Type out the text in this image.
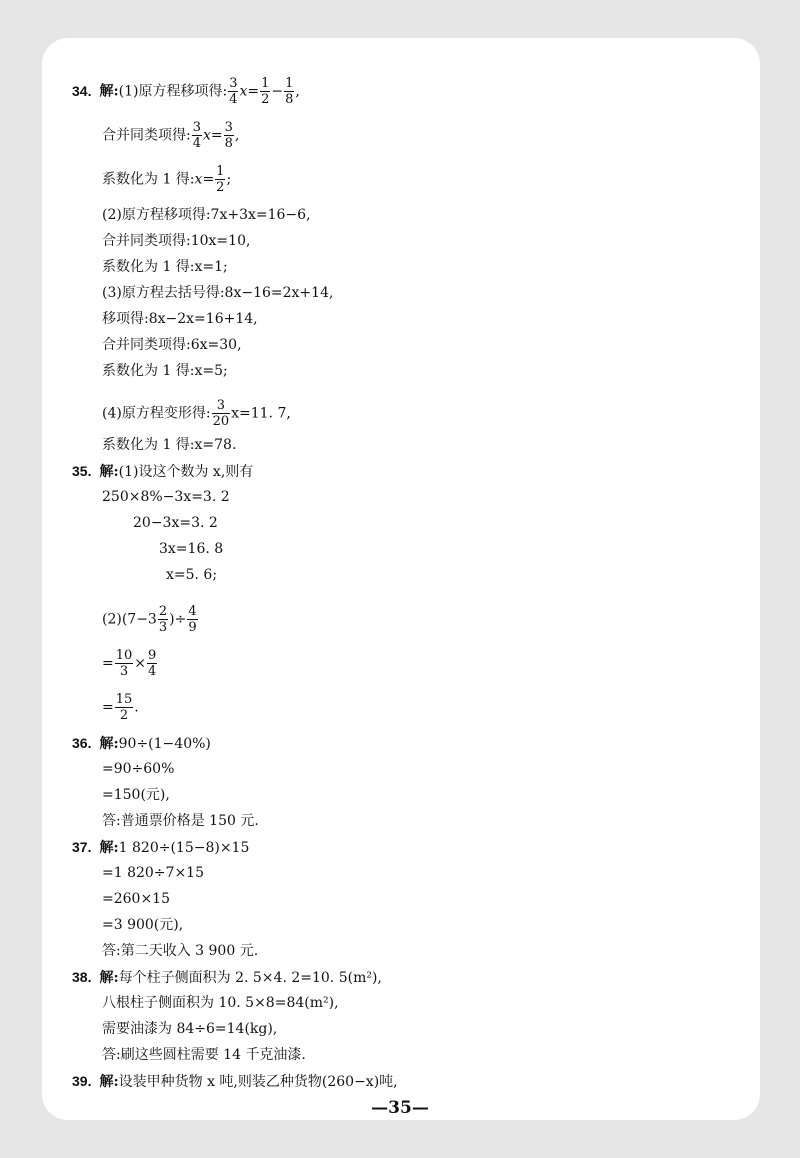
34. 解:(1)原方程移项得: $\frac{3}{4} x= \frac{1}{2} - \frac{1}{8}$ ,
合并同类项得: $\frac{3}{4} x= \frac{3}{8}$ ,
系数化为 1 得:x= $\frac{1}{2}$ ;
(2)原方程移项得:7x+3x=16−6,
合并同类项得:10x=10,
系数化为 1 得:x=1;
(3)原方程去括号得:8x−16=2x+14,
移项得:8x−2x=16+14,
合并同类项得:6x=30,
系数化为 1 得:x=5;
(4)原方程变形得: $\frac{3}{20} x=11$. 7,
系数化为 1 得:x=78.
35. 解:(1)设这个数为 x,则有
250×8%−3x=3. 2
20−3x=3. 2
3x=16. 8
x=5. 6;
$(2)(7-3 \frac{2}{3}$ )÷ $\frac{4}{9}$
= $\frac{10}{3} \times \frac{9}{4}$
= $\frac{15}{2}$ .
36. 解:90÷(1−40%)
=90÷60%
=150(元),
答:普通票价格是 150 元.
37. 解:1 820÷(15−8)×15
=1 820÷7×15
=260×15
=3 900(元),
答:第二天收入 3 900 元.
38. 解:每个柱子侧面积为 2. 5×4. 2=10. 5(m²),
八根柱子侧面积为 10. 5×8=84(m²),
需要油漆为 84÷6=14(kg),
答:刷这些圆柱需要 14 千克油漆.
39. 解:设装甲种货物 x 吨,则装乙种货物(260−x)吨,
—35—
